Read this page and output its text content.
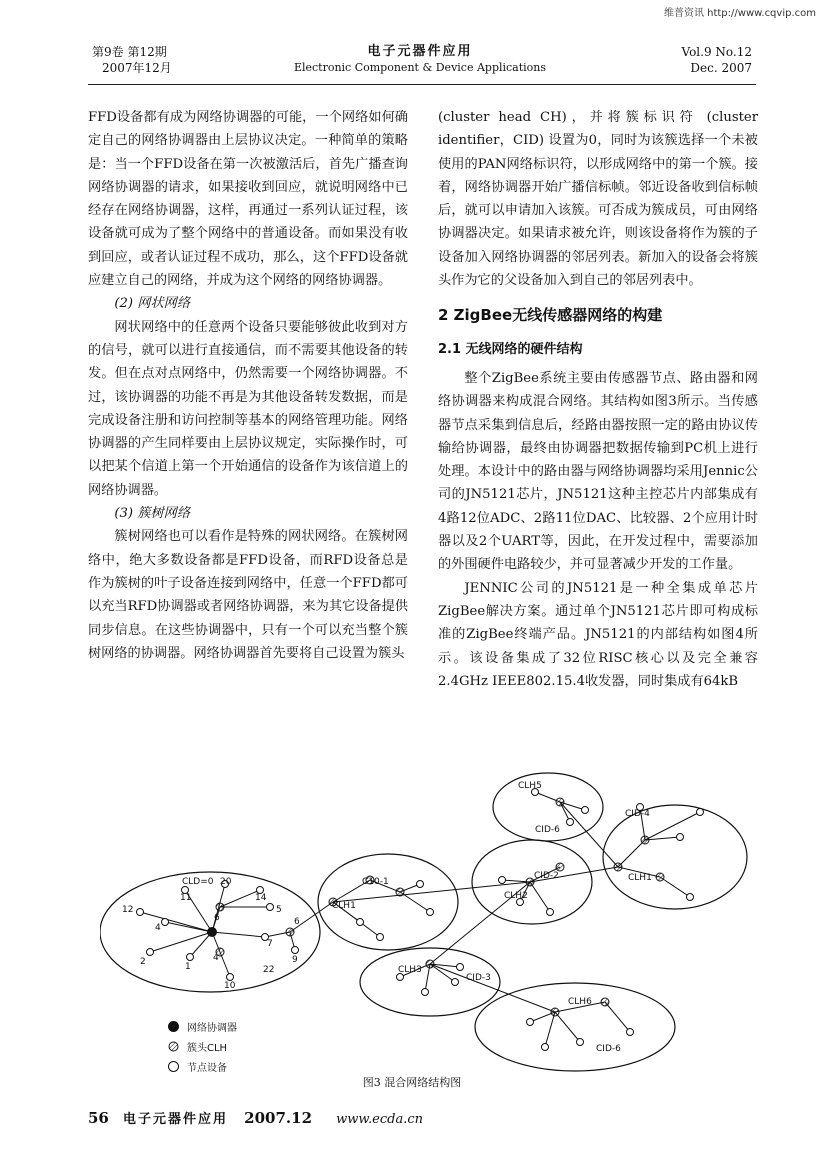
维普资讯 http://www.cqvip.com
第9卷 第12期
2007年12月
电子元器件应用
Electronic Component & Device Applications
Vol.9 No.12
Dec. 2007

FFD设备都有成为网络协调器的可能，一个网络如何确定自己的网络协调器由上层协议决定。一种简单的策略是：当一个FFD设备在第一次被激活后，首先广播查询网络协调器的请求，如果接收到回应，就说明网络中已经存在网络协调器，这样，再通过一系列认证过程，该设备就可成为了整个网络中的普通设备。而如果没有收到回应，或者认证过程不成功，那么，这个FFD设备就应建立自己的网络，并成为这个网络的网络协调器。

(2) 网状网络

网状网络中的任意两个设备只要能够彼此收到对方的信号，就可以进行直接通信，而不需要其他设备的转发。但在点对点网络中，仍然需要一个网络协调器。不过，该协调器的功能不再是为其他设备转发数据，而是完成设备注册和访问控制等基本的网络管理功能。网络协调器的产生同样要由上层协议规定，实际操作时，可以把某个信道上第一个开始通信的设备作为该信道上的网络协调器。

(3) 簇树网络

簇树网络也可以看作是特殊的网状网络。在簇树网络中，绝大多数设备都是FFD设备，而RFD设备总是作为簇树的叶子设备连接到网络中，任意一个FFD都可以充当RFD协调器或者网络协调器，来为其它设备提供同步信息。在这些协调器中，只有一个可以充当整个簇树网络的协调器。网络协调器首先要将自己设置为簇头

(cluster head CH)，并将簇标识符 (cluster identifier，CID) 设置为0，同时为该簇选择一个未被使用的PAN网络标识符，以形成网络中的第一个簇。接着，网络协调器开始广播信标帧。邻近设备收到信标帧后，就可以申请加入该簇。可否成为簇成员，可由网络协调器决定。如果请求被允许，则该设备将作为簇的子设备加入网络协调器的邻居列表。新加入的设备会将簇头作为它的父设备加入到自己的邻居列表中。

2 ZigBee无线传感器网络的构建

2.1 无线网络的硬件结构

整个ZigBee系统主要由传感器节点、路由器和网络协调器来构成混合网络。其结构如图3所示。当传感器节点采集到信息后，经路由器按照一定的路由协议传输给协调器，最终由协调器把数据传输到PC机上进行处理。本设计中的路由器与网络协调器均采用Jennic公司的JN5121芯片，JN5121这种主控芯片内部集成有4路12位ADC、2路11位DAC、比较器、2个应用计时器以及2个UART等，因此，在开发过程中，需要添加的外围硬件电路较少，并可显著减少开发的工作量。

JENNIC公司的JN5121是一种全集成单芯片ZigBee解决方案。通过单个JN5121芯片即可构成标准的ZigBee终端产品。JN5121的内部结构如图4所示。该设备集成了32位RISC核心以及完全兼容2.4GHz IEEE802.15.4收发器，同时集成有64kB

CLD=0	C10-1
CLH1
CID-2
CLH2
CLH5
CID-4
CID-6
CLH1
CLH3
CID-3
CLH6
CID-6
20
11	14
12	5
4
6	6
7
9
2	1
4
22
10
网络协调器
簇头CLH
节点设备
图3 混合网络结构图
56 电子元器件应用 2007.12 www.ecda.cn
